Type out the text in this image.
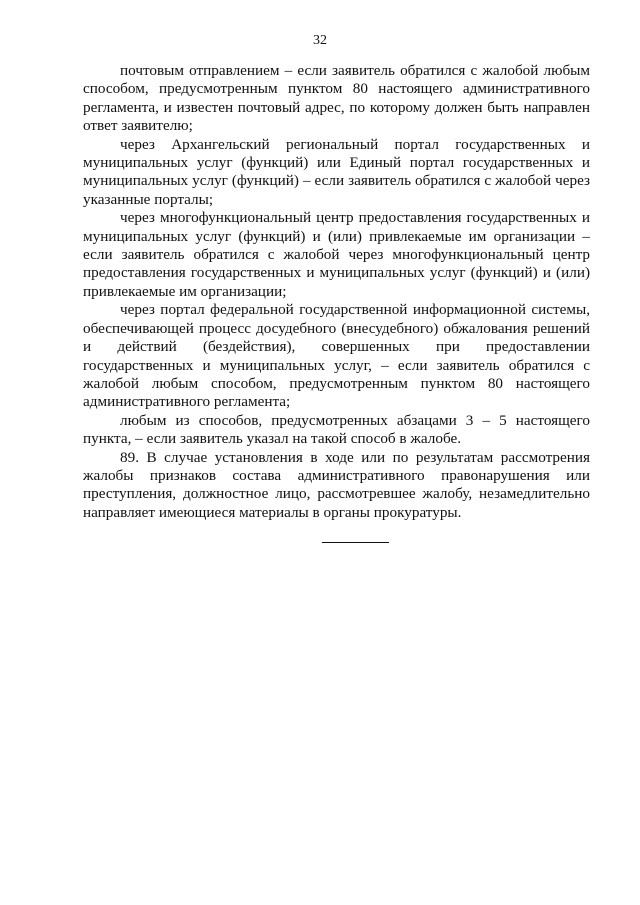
32

почтовым отправлением – если заявитель обратился с жалобой любым способом, предусмотренным пунктом 80 настоящего административного регламента, и известен почтовый адрес, по которому должен быть направлен ответ заявителю;

через Архангельский региональный портал государственных и муниципальных услуг (функций) или Единый портал государственных и муниципальных услуг (функций) – если заявитель обратился с жалобой через указанные порталы;

через многофункциональный центр предоставления государственных и муниципальных услуг (функций) и (или) привлекаемые им организации – если заявитель обратился с жалобой через многофункциональный центр предоставления государственных и муниципальных услуг (функций) и (или) привлекаемые им организации;

через портал федеральной государственной информационной системы, обеспечивающей процесс досудебного (внесудебного) обжалования решений и действий (бездействия), совершенных при предоставлении государственных и муниципальных услуг, – если заявитель обратился с жалобой любым способом, предусмотренным пунктом 80 настоящего административного регламента;

любым из способов, предусмотренных абзацами 3 – 5 настоящего пункта, – если заявитель указал на такой способ в жалобе.

89. В случае установления в ходе или по результатам рассмотрения жалобы признаков состава административного правонарушения или преступления, должностное лицо, рассмотревшее жалобу, незамедлительно направляет имеющиеся материалы в органы прокуратуры.
